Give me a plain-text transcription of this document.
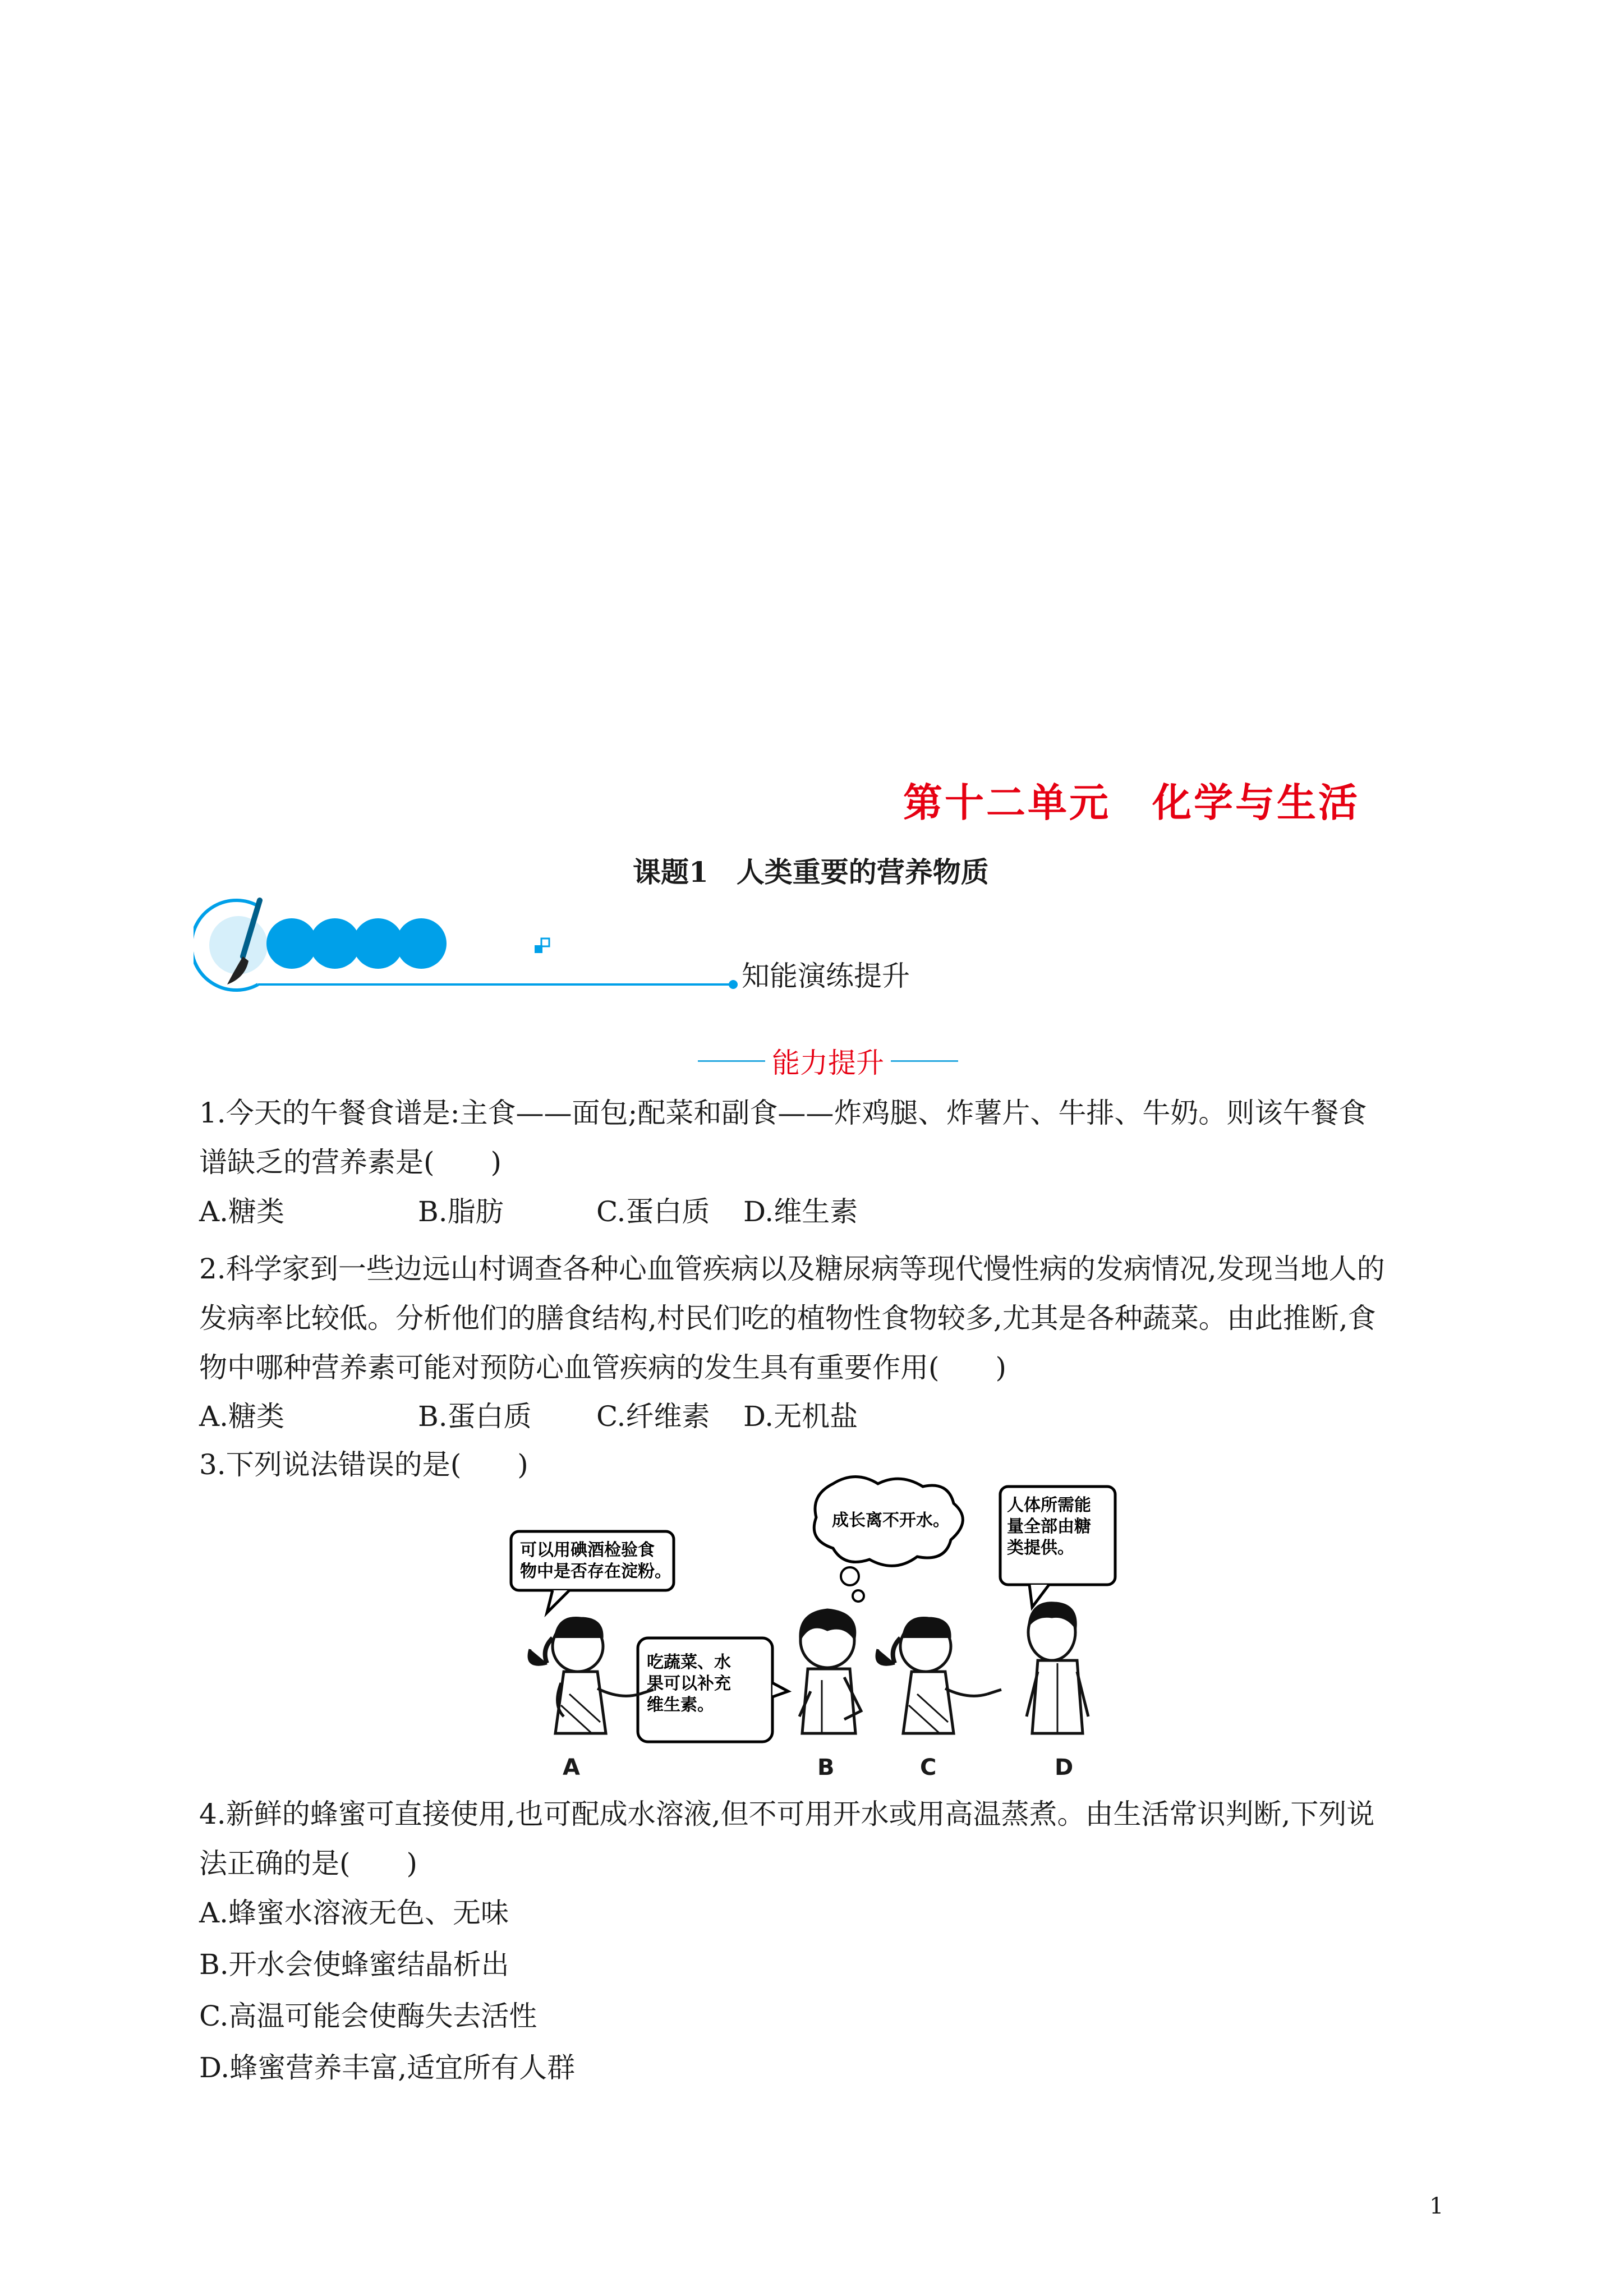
第十二单元　化学与生活
课题1　人类重要的营养物质
知能演练提升
能力提升
1.今天的午餐食谱是:主食——面包;配菜和副食——炸鸡腿、炸薯片、牛排、牛奶。则该午餐食
谱缺乏的营养素是(　　)
A.糖类	B.脂肪	C.蛋白质 D.维生素
2.科学家到一些边远山村调查各种心血管疾病以及糖尿病等现代慢性病的发病情况,发现当地人的
发病率比较低。分析他们的膳食结构,村民们吃的植物性食物较多,尤其是各种蔬菜。由此推断,食
物中哪种营养素可能对预防心血管疾病的发生具有重要作用(　　)
A.糖类	B.蛋白质 C.纤维素 D.无机盐
3.下列说法错误的是(　　)
可以用碘酒检验食
物中是否存在淀粉。
吃蔬菜、水
果可以补充
维生素。
成长离不开水。
人体所需能
量全部由糖
类提供。
A	B	C	D
4.新鲜的蜂蜜可直接使用,也可配成水溶液,但不可用开水或用高温蒸煮。由生活常识判断,下列说
法正确的是(　　)
A.蜂蜜水溶液无色、无味
B.开水会使蜂蜜结晶析出
C.高温可能会使酶失去活性
D.蜂蜜营养丰富,适宜所有人群
1
